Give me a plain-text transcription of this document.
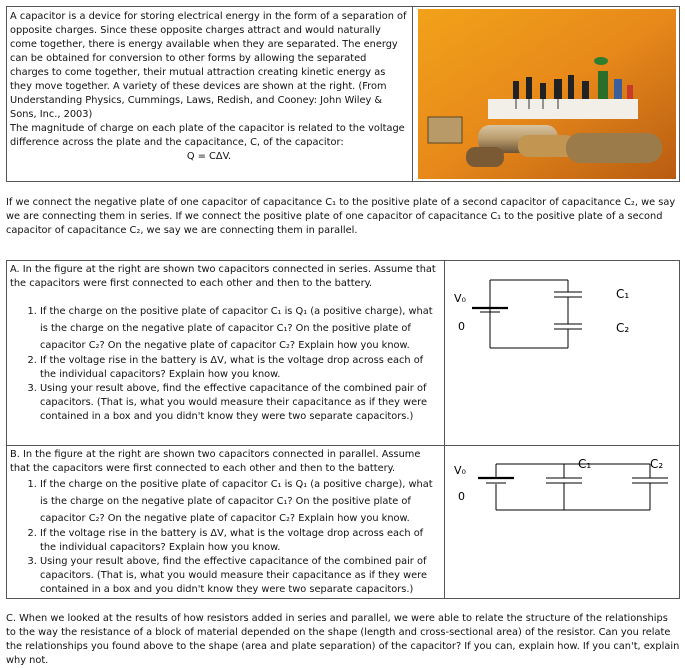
A capacitor is a device for storing electrical energy in the form of a separation of opposite charges. Since these opposite charges attract and would naturally come together, there is energy available when they are separated. The energy can be obtained for conversion to other forms by allowing the separated charges to come together, their mutual attraction creating kinetic energy as they move together. A variety of these devices are shown at the right. (From Understanding Physics, Cummings, Laws, Redish, and Cooney: John Wiley & Sons, Inc., 2003)

The magnitude of charge on each plate of the capacitor is related to the voltage difference across the plate and the capacitance, C, of the capacitor:

Q = CΔV.

If we connect the negative plate of one capacitor of capacitance C₁ to the positive plate of a second capacitor of capacitance C₂, we say we are connecting them in series. If we connect the positive plate of one capacitor of capacitance C₁ to the positive plate of a second capacitor of capacitance C₂, we say we are connecting them in parallel.

A. In the figure at the right are shown two capacitors connected in series. Assume that the capacitors were first connected to each other and then to the battery.

1. If the charge on the positive plate of capacitor C₁ is Q₁ (a positive charge), what is the charge on the negative plate of capacitor C₁? On the positive plate of capacitor C₂? On the negative plate of capacitor C₂? Explain how you know.
2. If the voltage rise in the battery is ΔV, what is the voltage drop across each of the individual capacitors? Explain how you know.
3. Using your result above, find the effective capacitance of the combined pair of capacitors. (That is, what you would measure their capacitance as if they were contained in a box and you didn't know they were two separate capacitors.)
V₀
0
C₁
C₂

B. In the figure at the right are shown two capacitors connected in parallel. Assume that the capacitors were first connected to each other and then to the battery.

1. If the charge on the positive plate of capacitor C₁ is Q₁ (a positive charge), what is the charge on the negative plate of capacitor C₁? On the positive plate of capacitor C₂? On the negative plate of capacitor C₂? Explain how you know.
2. If the voltage rise in the battery is ΔV, what is the voltage drop across each of the individual capacitors? Explain how you know.
3. Using your result above, find the effective capacitance of the combined pair of capacitors. (That is, what you would measure their capacitance as if they were contained in a box and you didn't know they were two separate capacitors.)
V₀
0
C₁	C₂
C. When we looked at the results of how resistors added in series and parallel, we were able to relate the structure of the relationships to the way the resistance of a block of material depended on the shape (length and cross-sectional area) of the resistor. Can you relate the relationships you found above to the shape (area and plate separation) of the capacitor? If you can, explain how. If you can't, explain why not.
